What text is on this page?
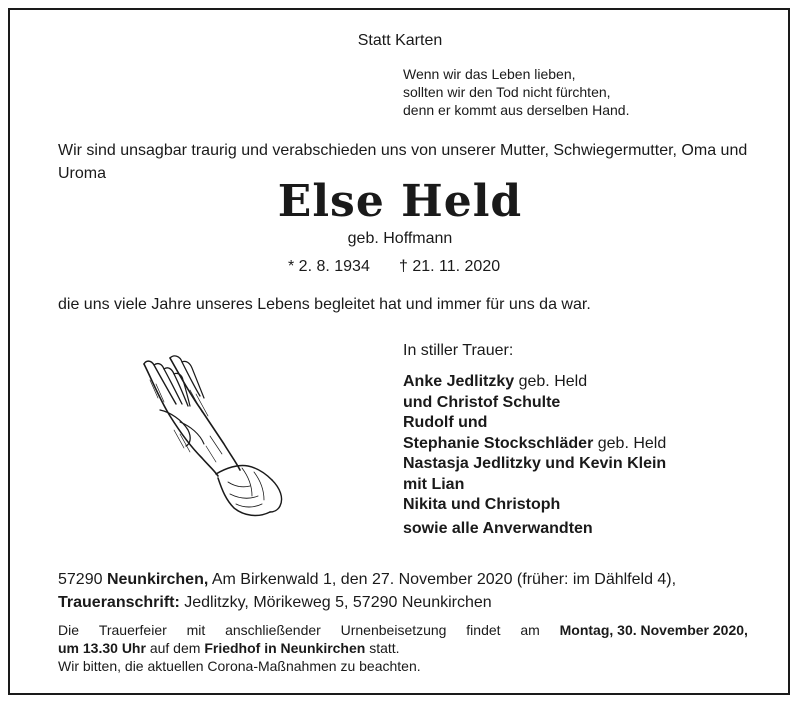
Statt Karten
Wenn wir das Leben lieben,
sollten wir den Tod nicht fürchten,
denn er kommt aus derselben Hand.
Wir sind unsagbar traurig und verabschieden uns von unserer Mutter, Schwiegermutter, Oma und Uroma
Else Held
geb. Hoffmann
* 2. 8. 1934 † 21. 11. 2020
die uns viele Jahre unseres Lebens begleitet hat und immer für uns da war.
In stiller Trauer:
Anke Jedlitzky geb. Held
und Christof Schulte
Rudolf und
Stephanie Stockschläder geb. Held
Nastasja Jedlitzky und Kevin Klein
mit Lian
Nikita und Christoph
sowie alle Anverwandten
57290 Neunkirchen, Am Birkenwald 1, den 27. November 2020 (früher: im Dählfeld 4),
Traueranschrift: Jedlitzky, Mörikeweg 5, 57290 Neunkirchen
Die Trauerfeier mit anschließender Urnenbeisetzung findet am Montag, 30. November 2020,
um 13.30 Uhr auf dem Friedhof in Neunkirchen statt.
Wir bitten, die aktuellen Corona-Maßnahmen zu beachten.
